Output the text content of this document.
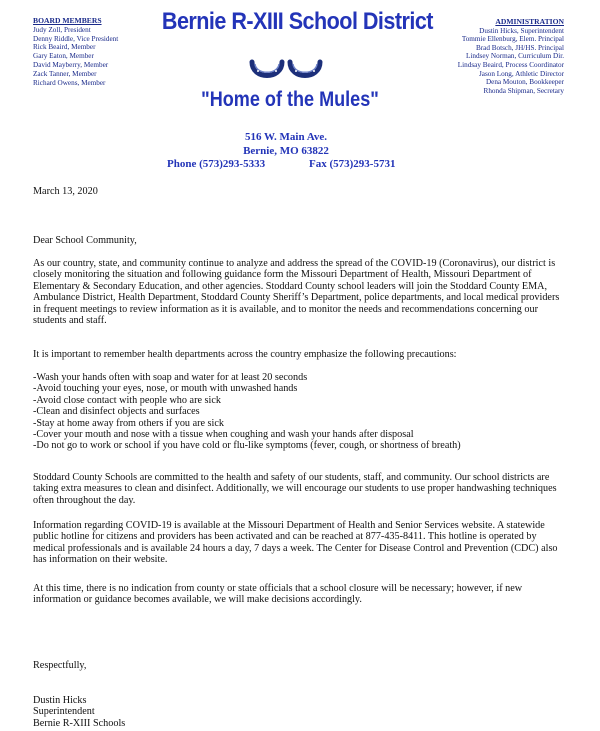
BOARD MEMBERS
Judy Zoll, President
Denny Riddle, Vice President
Rick Beaird, Member
Gary Eaton, Member
David Mayberry, Member
Zack Tanner, Member
Richard Owens, Member
Bernie R-XIII School District
"Home of the Mules"
ADMINISTRATION
Dustin Hicks, Superintendent
Tommie Ellenburg, Elem. Principal
Brad Botsch, JH/HS. Principal
Lindsey Norman, Curriculum Dir.
Lindsay Beaird, Process Coordinator
Jason Long, Athletic Director
Dena Mouton, Bookkeeper
Rhonda Shipman, Secretary
516 W. Main Ave.
Bernie, MO 63822
Phone (573)293-5333	Fax (573)293-5731

March 13, 2020

Dear School Community,

As our country, state, and community continue to analyze and address the spread of the COVID-19 (Coronavirus), our district is closely monitoring the situation and following guidance form the Missouri Department of Health, Missouri Department of Elementary & Secondary Education, and other agencies. Stoddard County school leaders will join the Stoddard County EMA, Ambulance District, Health Department, Stoddard County Sheriff’s Department, police departments, and local medical providers in frequent meetings to review information as it is available, and to monitor the needs and recommendations concerning our students and staff.

It is important to remember health departments across the country emphasize the following precautions:

-Wash your hands often with soap and water for at least 20 seconds
-Avoid touching your eyes, nose, or mouth with unwashed hands
-Avoid close contact with people who are sick
-Clean and disinfect objects and surfaces
-Stay at home away from others if you are sick
-Cover your mouth and nose with a tissue when coughing and wash your hands after disposal
-Do not go to work or school if you have cold or flu-like symptoms (fever, cough, or shortness of breath)

Stoddard County Schools are committed to the health and safety of our students, staff, and community. Our school districts are taking extra measures to clean and disinfect. Additionally, we will encourage our students to use proper handwashing techniques often throughout the day.

Information regarding COVID-19 is available at the Missouri Department of Health and Senior Services website. A statewide public hotline for citizens and providers has been activated and can be reached at 877-435-8411. This hotline is operated by medical professionals and is available 24 hours a day, 7 days a week. The Center for Disease Control and Prevention (CDC) also has information on their website.

At this time, there is no indication from county or state officials that a school closure will be necessary; however, if new information or guidance becomes available, we will make decisions accordingly.

Respectfully,

Dustin Hicks
Superintendent
Bernie R-XIII Schools
